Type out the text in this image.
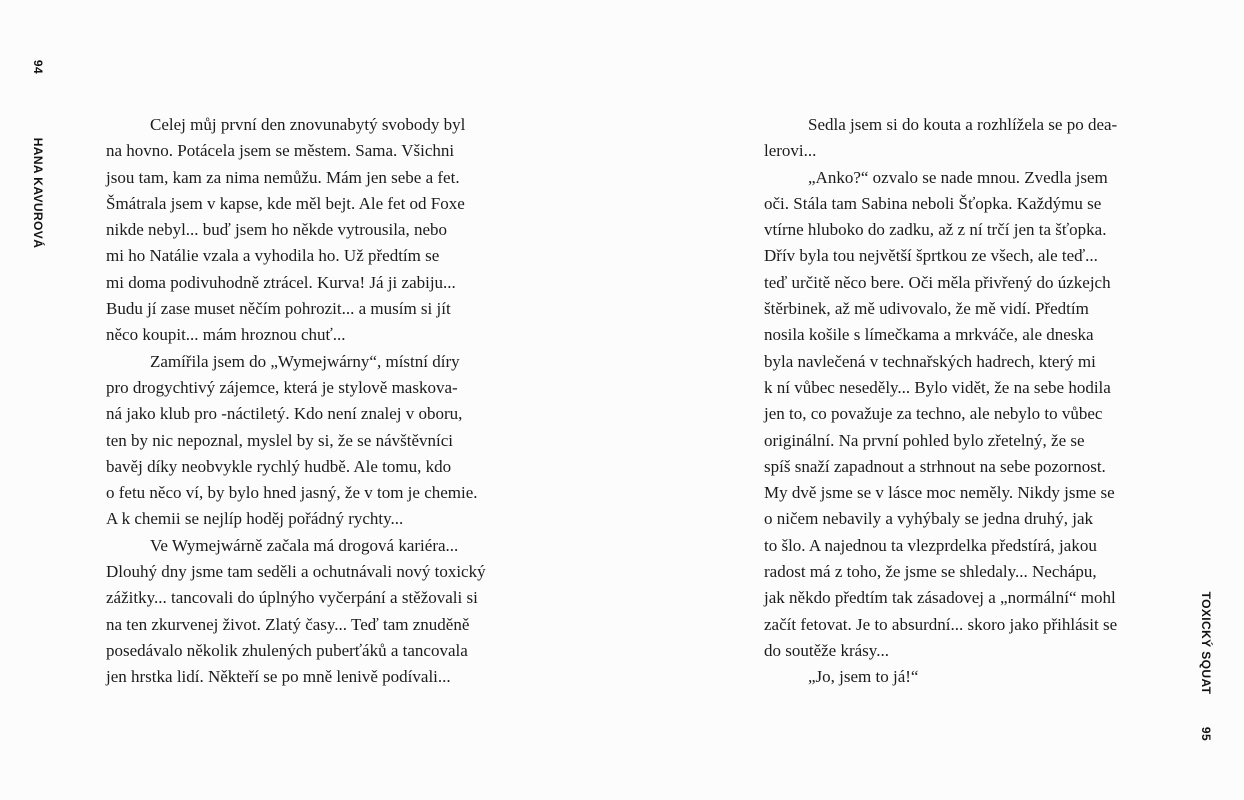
94
HANA KAVUROVÁ
Celej můj první den znovunabytý svobody byl
na hovno. Potácela jsem se městem. Sama. Všichni
jsou tam, kam za nima nemůžu. Mám jen sebe a fet.
Šmátrala jsem v kapse, kde měl bejt. Ale fet od Foxe
nikde nebyl... buď jsem ho někde vytrousila, nebo
mi ho Natálie vzala a vyhodila ho. Už předtím se
mi doma podivuhodně ztrácel. Kurva! Já ji zabiju...
Budu jí zase muset něčím pohrozit... a musím si jít
něco koupit... mám hroznou chuť...
Zamířila jsem do „Wymejwárny“, místní díry
pro drogychtivý zájemce, která je stylově maskova-
ná jako klub pro -náctiletý. Kdo není znalej v oboru,
ten by nic nepoznal, myslel by si, že se návštěvníci
bavěj díky neobvykle rychlý hudbě. Ale tomu, kdo
o fetu něco ví, by bylo hned jasný, že v tom je chemie.
A k chemii se nejlíp hoděj pořádný rychty...
Ve Wymejwárně začala má drogová kariéra...
Dlouhý dny jsme tam seděli a ochutnávali nový toxický
zážitky... tancovali do úplnýho vyčerpání a stěžovali si
na ten zkurvenej život. Zlatý časy... Teď tam znuděně
posedávalo několik zhulených puberťáků a tancovala
jen hrstka lidí. Někteří se po mně lenivě podívali...
Sedla jsem si do kouta a rozhlížela se po dea-
lerovi...
„Anko?“ ozvalo se nade mnou. Zvedla jsem
oči. Stála tam Sabina neboli Šťopka. Každýmu se
vtírne hluboko do zadku, až z ní trčí jen ta šťopka.
Dřív byla tou největší šprtkou ze všech, ale teď...
teď určitě něco bere. Oči měla přivřený do úzkejch
štěrbinek, až mě udivovalo, že mě vidí. Předtím
nosila košile s límečkama a mrkváče, ale dneska
byla navlečená v technařských hadrech, který mi
k ní vůbec neseděly... Bylo vidět, že na sebe hodila
jen to, co považuje za techno, ale nebylo to vůbec
originální. Na první pohled bylo zřetelný, že se
spíš snaží zapadnout a strhnout na sebe pozornost.
My dvě jsme se v lásce moc neměly. Nikdy jsme se
o ničem nebavily a vyhýbaly se jedna druhý, jak
to šlo. A najednou ta vlezprdelka předstírá, jakou
radost má z toho, že jsme se shledaly... Nechápu,
jak někdo předtím tak zásadovej a „normální“ mohl
začít fetovat. Je to absurdní... skoro jako přihlásit se
do soutěže krásy...
„Jo, jsem to já!“	TOXICKÝ SQUAT
95
